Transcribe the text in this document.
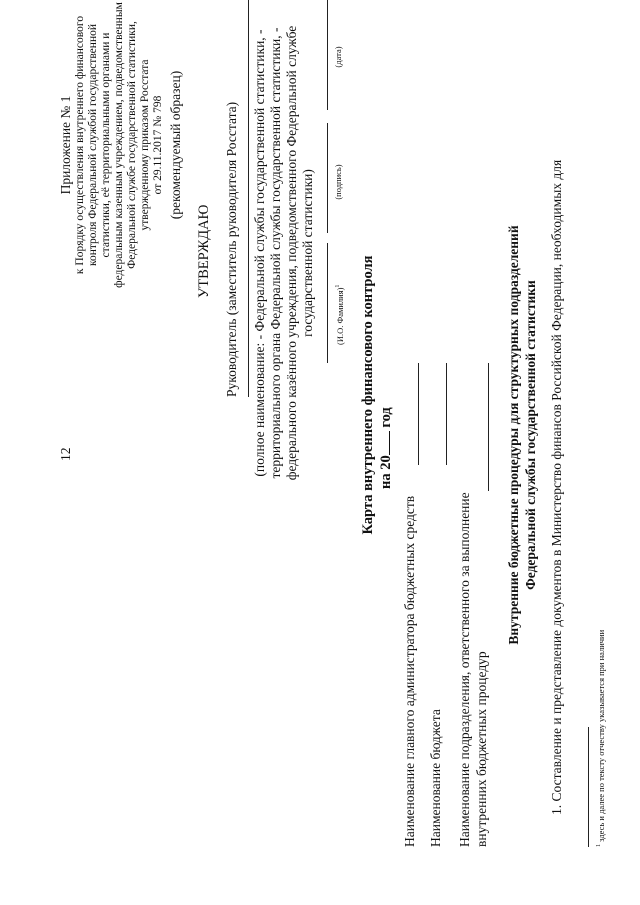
12
Приложение № 1 к Порядку осуществления внутреннего финансового контроля Федеральной службой государственной статистики, её территориальными органами и федеральным казенным учреждением, подведомственным Федеральной службе государственной статистики, утвержденному приказом Росстата от 29.11.2017 № 798 (рекомендуемый образец)
УТВЕРЖДАЮ Руководитель (заместитель руководителя Росстата) (полное наименование: - Федеральной службы государственной статистики, - территориального органа Федеральной службы государственной статистики, - федерального казённого учреждения, подведомственного Федеральной службе государственной статистики)
(дата)
(подпись)
(И.О. Фамилия)$^1$ Карта внутреннего финансового контроля на 20 год
Наименование главного администратора бюджетных средств Наименование бюджета Наименование подразделения, ответственного за выполнение внутренних бюджетных процедур
Внутренние бюджетные процедуры для структурных подразделений Федеральной службы государственной статистики 1. Составление и представление документов в Министерство финансов Российской Федерации, необходимых для
$^1$ здесь и далее по тексту отчеству указывается при наличии
